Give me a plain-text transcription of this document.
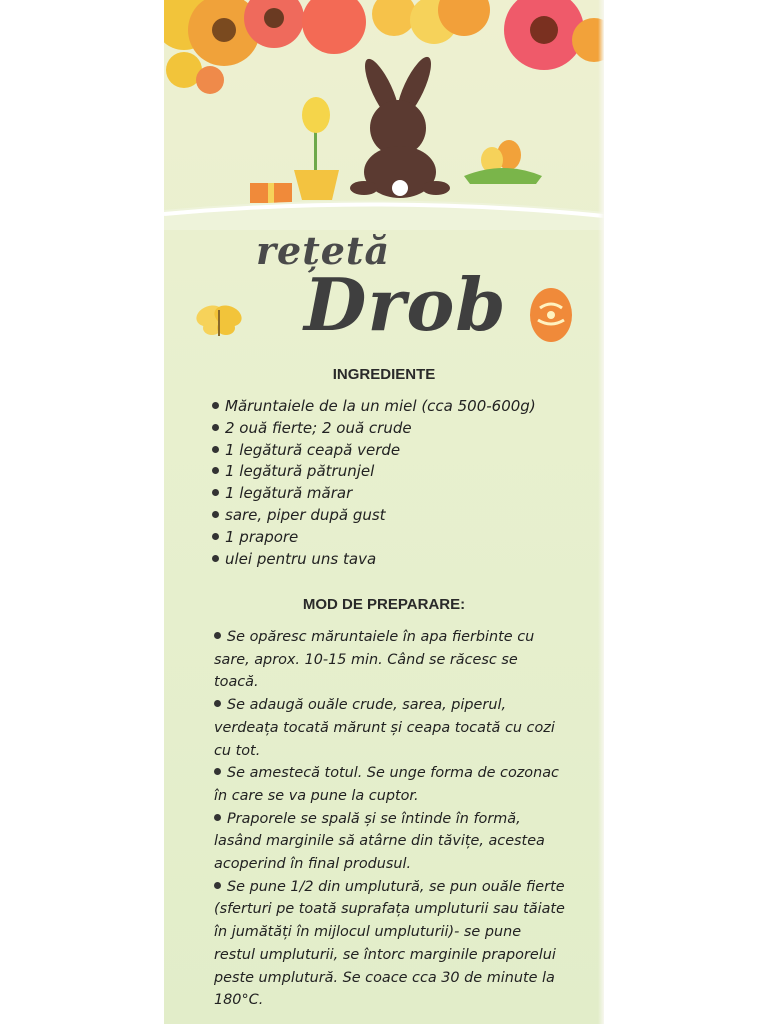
rețetă
Drob
INGREDIENTE
Măruntaiele de la un miel (cca 500-600g)
2 ouă fierte; 2 ouă crude
1 legătură ceapă verde
1 legătură pătrunjel
1 legătură mărar
sare, piper după gust
1 prapore
ulei pentru uns tava
MOD DE PREPARARE:
Se opăresc măruntaiele în apa fierbinte cu sare, aprox. 10-15 min. Când se răcesc se toacă.
Se adaugă ouăle crude, sarea, piperul, verdeața tocată mărunt și ceapa tocată cu cozi cu tot.
Se amestecă totul. Se unge forma de cozonac în care se va pune la cuptor.
Praporele se spală și se întinde în formă, lasând marginile să atârne din tăvițe, acestea acoperind în final produsul.
Se pune 1/2 din umplutură, se pun ouăle fierte (sferturi pe toată suprafața umpluturii sau tăiate în jumătăți în mijlocul umpluturii)- se pune restul umpluturii, se întorc marginile praporelui peste umplutură. Se coace cca 30 de minute la 180°C.
